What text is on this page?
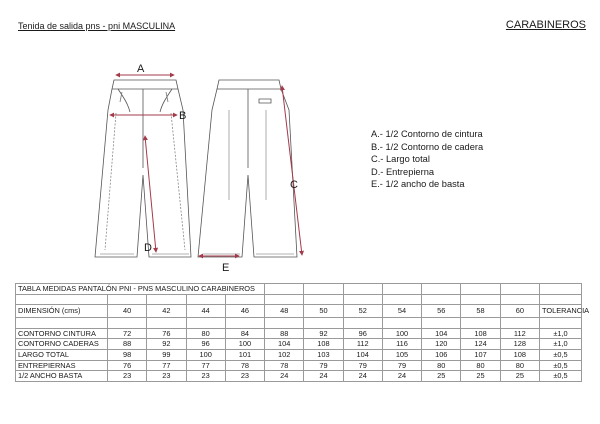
Tenida de salida pns - pni MASCULINA	CARABINEROS
A
B
C
D
E
A.- 1/2 Contorno de cintura
B.- 1/2 Contorno de cadera
C.- Largo total
D.- Entrepierna
E.- 1/2 ancho de basta
TABLA MEDIDAS PANTALÓN PNI - PNS MASCULINO CARABINEROS												

DIMENSIÓN (cms)	40	42	44	46	48	50	52	54	56	58	60	TOLERANCIA

CONTORNO CINTURA	72	76	80	84	88	92	96	100	104	108	112	±1,0
CONTORNO CADERAS	88	92	96	100	104	108	112	116	120	124	128	±1,0
LARGO TOTAL	98	99	100	101	102	103	104	105	106	107	108	±0,5
ENTREPIERNAS	76	77	77	78	78	79	79	79	80	80	80	±0,5
1/2 ANCHO BASTA	23	23	23	23	24	24	24	24	25	25	25	±0,5
